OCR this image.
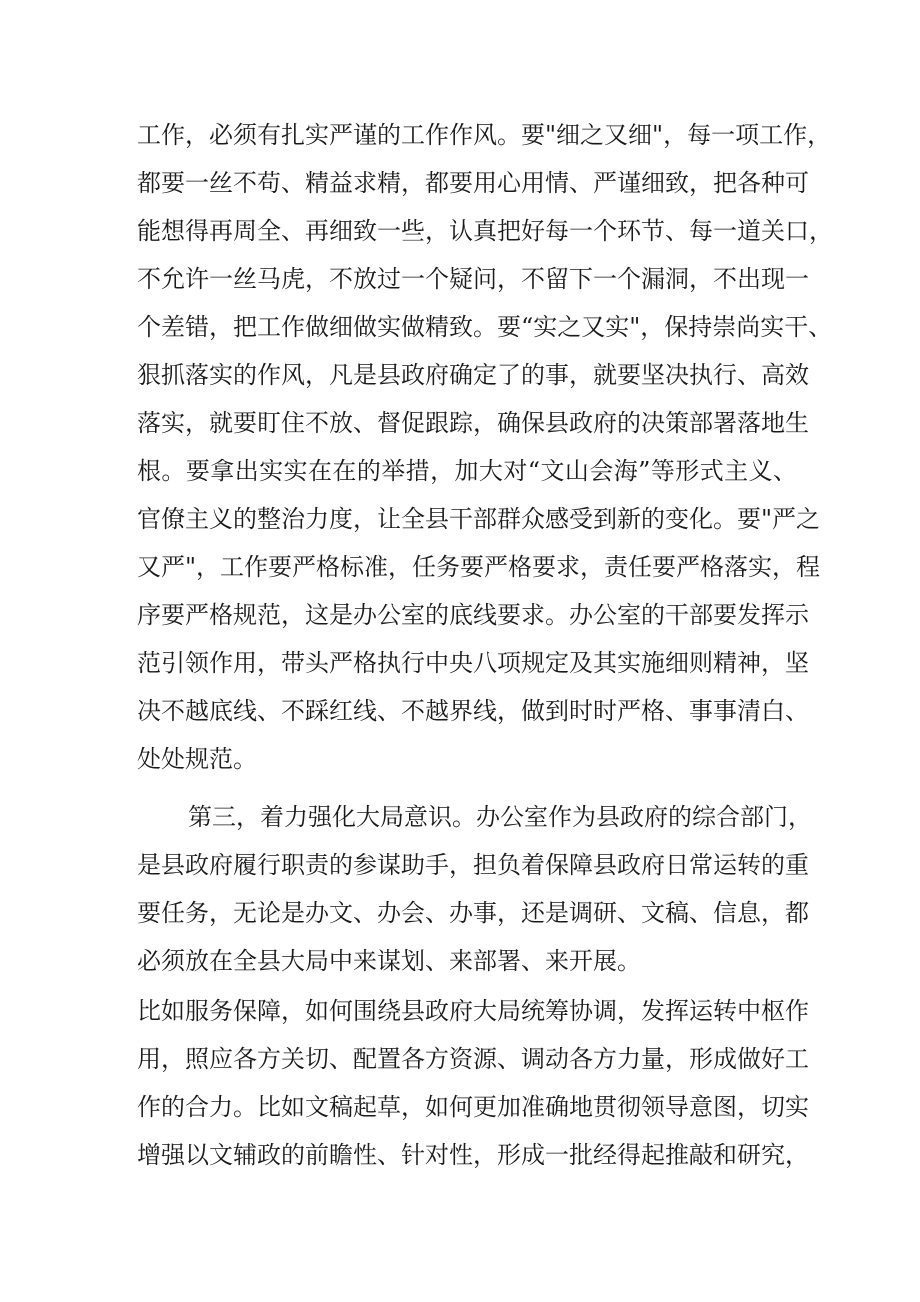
工作，必须有扎实严谨的工作作风。要"细之又细"，每一项工作，
都要一丝不苟、精益求精，都要用心用情、严谨细致，把各种可
能想得再周全、再细致一些，认真把好每一个环节、每一道关口，
不允许一丝马虎，不放过一个疑问，不留下一个漏洞，不出现一
个差错，把工作做细做实做精致。要“实之又实"，保持崇尚实干、
狠抓落实的作风，凡是县政府确定了的事，就要坚决执行、高效
落实，就要盯住不放、督促跟踪，确保县政府的决策部署落地生
根。要拿出实实在在的举措，加大对“文山会海”等形式主义、
官僚主义的整治力度，让全县干部群众感受到新的变化。要"严之
又严"，工作要严格标准，任务要严格要求，责任要严格落实，程
序要严格规范，这是办公室的底线要求。办公室的干部要发挥示
范引领作用，带头严格执行中央八项规定及其实施细则精神，坚
决不越底线、不踩红线、不越界线，做到时时严格、事事清白、
处处规范。
第三，着力强化大局意识。办公室作为县政府的综合部门，
是县政府履行职责的参谋助手，担负着保障县政府日常运转的重
要任务，无论是办文、办会、办事，还是调研、文稿、信息，都
必须放在全县大局中来谋划、来部署、来开展。
比如服务保障，如何围绕县政府大局统筹协调，发挥运转中枢作
用，照应各方关切、配置各方资源、调动各方力量，形成做好工
作的合力。比如文稿起草，如何更加准确地贯彻领导意图，切实
增强以文辅政的前瞻性、针对性，形成一批经得起推敲和研究，
